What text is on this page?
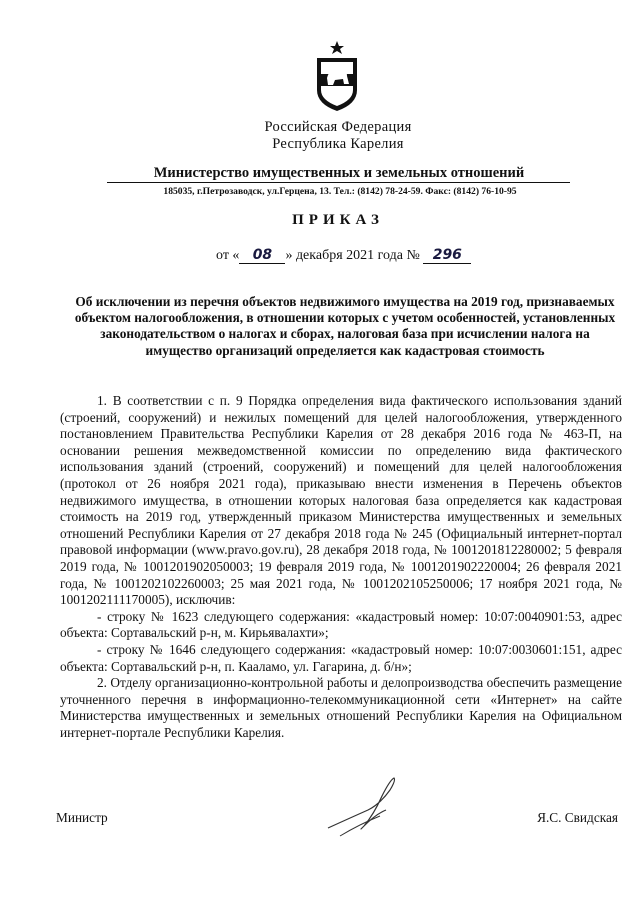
Российская Федерация
Республика Карелия
Министерство имущественных и земельных отношений
185035, г.Петрозаводск, ул.Герцена, 13. Тел.: (8142) 78-24-59. Факс: (8142) 76-10-95
ПРИКАЗ
от « 08 » декабря 2021 года № 296
Об исключении из перечня объектов недвижимого имущества на 2019 год, признаваемых объектом налогообложения, в отношении которых с учетом особенностей, установленных законодательством о налогах и сборах, налоговая база при исчислении налога на имущество организаций определяется как кадастровая стоимость

1. В соответствии с п. 9 Порядка определения вида фактического использования зданий (строений, сооружений) и нежилых помещений для целей налогообложения, утвержденного постановлением Правительства Республики Карелия от 28 декабря 2016 года № 463-П, на основании решения межведомственной комиссии по определению вида фактического использования зданий (строений, сооружений) и помещений для целей налогообложения (протокол от 26 ноября 2021 года), приказываю внести изменения в Перечень объектов недвижимого имущества, в отношении которых налоговая база определяется как кадастровая стоимость на 2019 год, утвержденный приказом Министерства имущественных и земельных отношений Республики Карелия от 27 декабря 2018 года № 245 (Официальный интернет-портал правовой информации (www.pravo.gov.ru), 28 декабря 2018 года, № 1001201812280002; 5 февраля 2019 года, № 1001201902050003; 19 февраля 2019 года, № 1001201902220004; 26 февраля 2021 года, № 1001202102260003; 25 мая 2021 года, № 1001202105250006; 17 ноября 2021 года, № 1001202111170005), исключив:

- строку № 1623 следующего содержания: «кадастровый номер: 10:07:0040901:53, адрес объекта: Сортавальский р-н, м. Кирьявалахти»;

- строку № 1646 следующего содержания: «кадастровый номер: 10:07:0030601:151, адрес объекта: Сортавальский р-н, п. Кааламо, ул. Гагарина, д. б/н»;

2. Отделу организационно-контрольной работы и делопроизводства обеспечить размещение уточненного перечня в информационно-телекоммуникационной сети «Интернет» на сайте Министерства имущественных и земельных отношений Республики Карелия на Официальном интернет-портале Республики Карелия.

Министр	Я.С. Свидская
